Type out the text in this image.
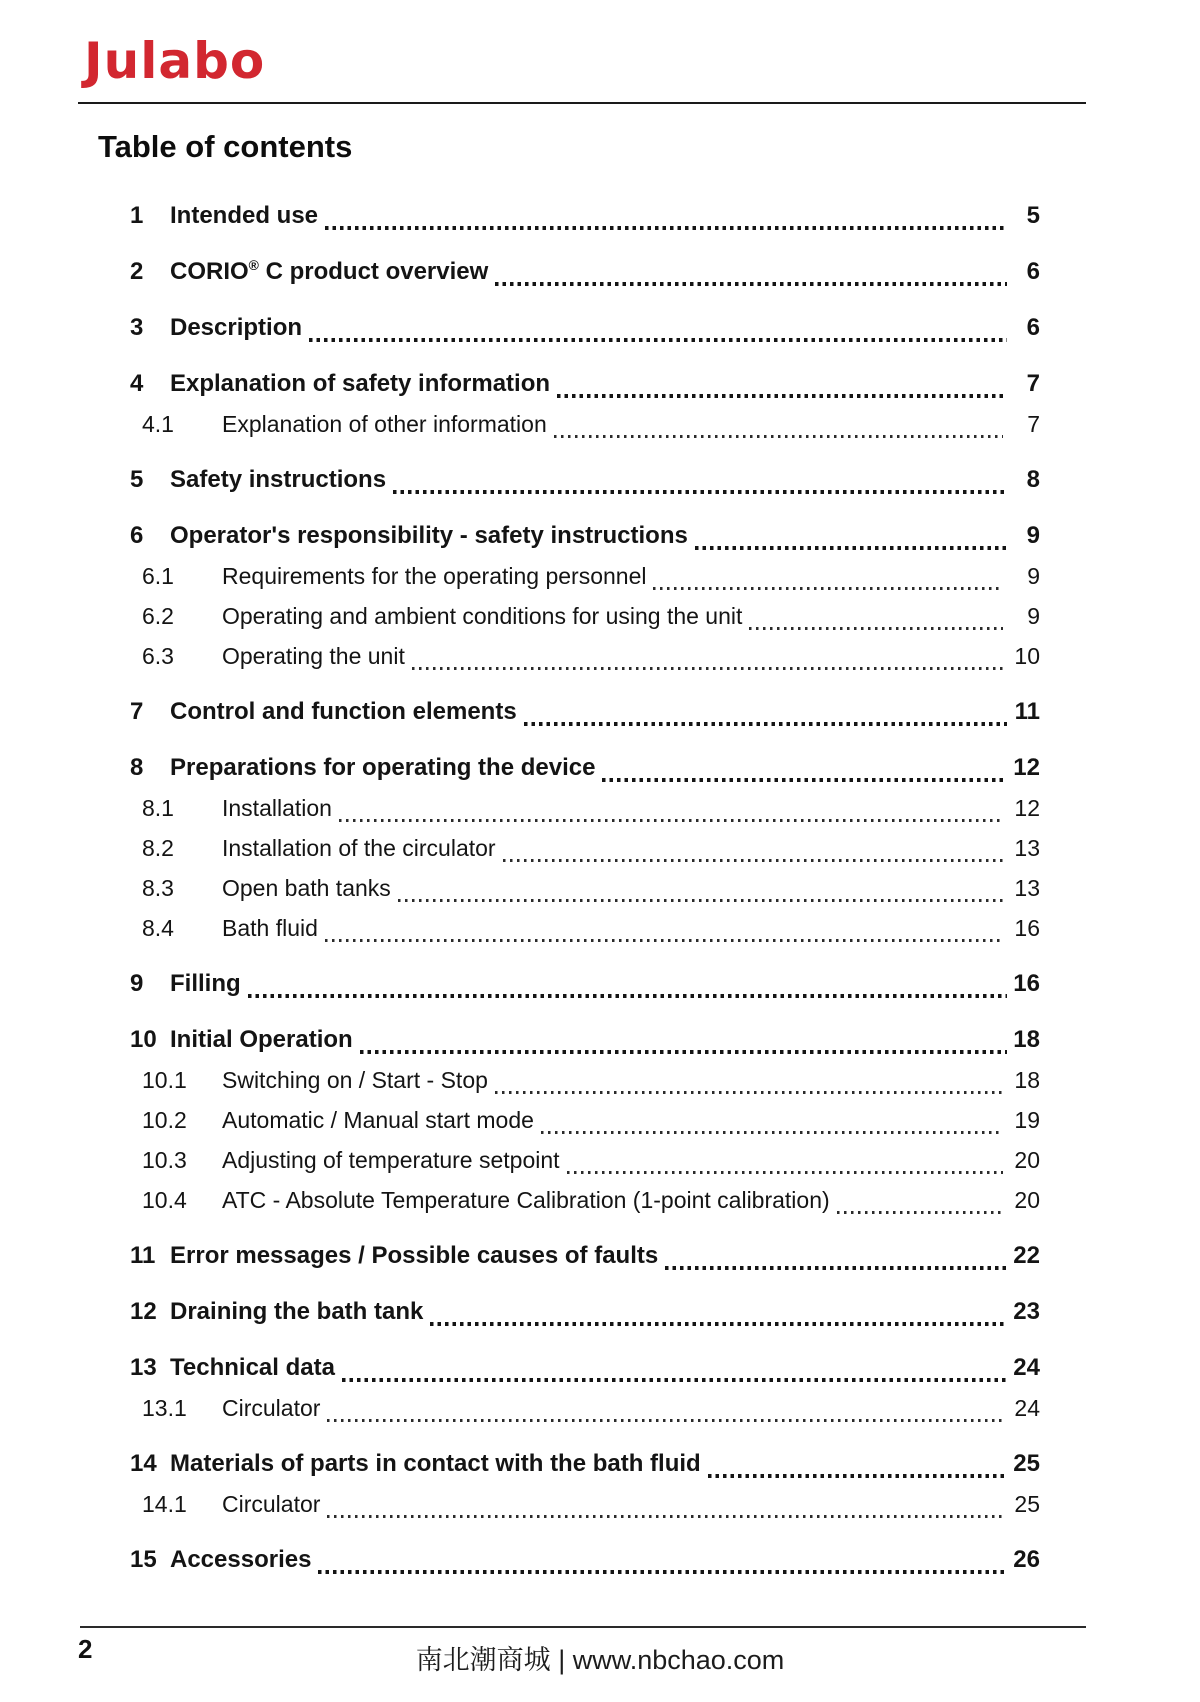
Julabo
Table of contents
1	Intended use	5
2	CORIO® C product overview	6
3	Description	6
4	Explanation of safety information	7
4.1	Explanation of other information	7
5	Safety instructions	8
6	Operator's responsibility - safety instructions	9
6.1	Requirements for the operating personnel	9
6.2	Operating and ambient conditions for using the unit	9
6.3	Operating the unit	10
7	Control and function elements	11
8	Preparations for operating the device	12
8.1	Installation	12
8.2	Installation of the circulator	13
8.3	Open bath tanks	13
8.4	Bath fluid	16
9	Filling	16
10 Initial Operation	18
10.1	Switching on / Start - Stop	18
10.2	Automatic / Manual start mode	19
10.3	Adjusting of temperature setpoint	20
10.4	ATC - Absolute Temperature Calibration (1-point calibration)	20
11 Error messages / Possible causes of faults	22
12 Draining the bath tank	23
13 Technical data	24
13.1	Circulator	24
14 Materials of parts in contact with the bath fluid	25
14.1	Circulator	25
15 Accessories	26
2	南北潮商城 | www.nbchao.com
